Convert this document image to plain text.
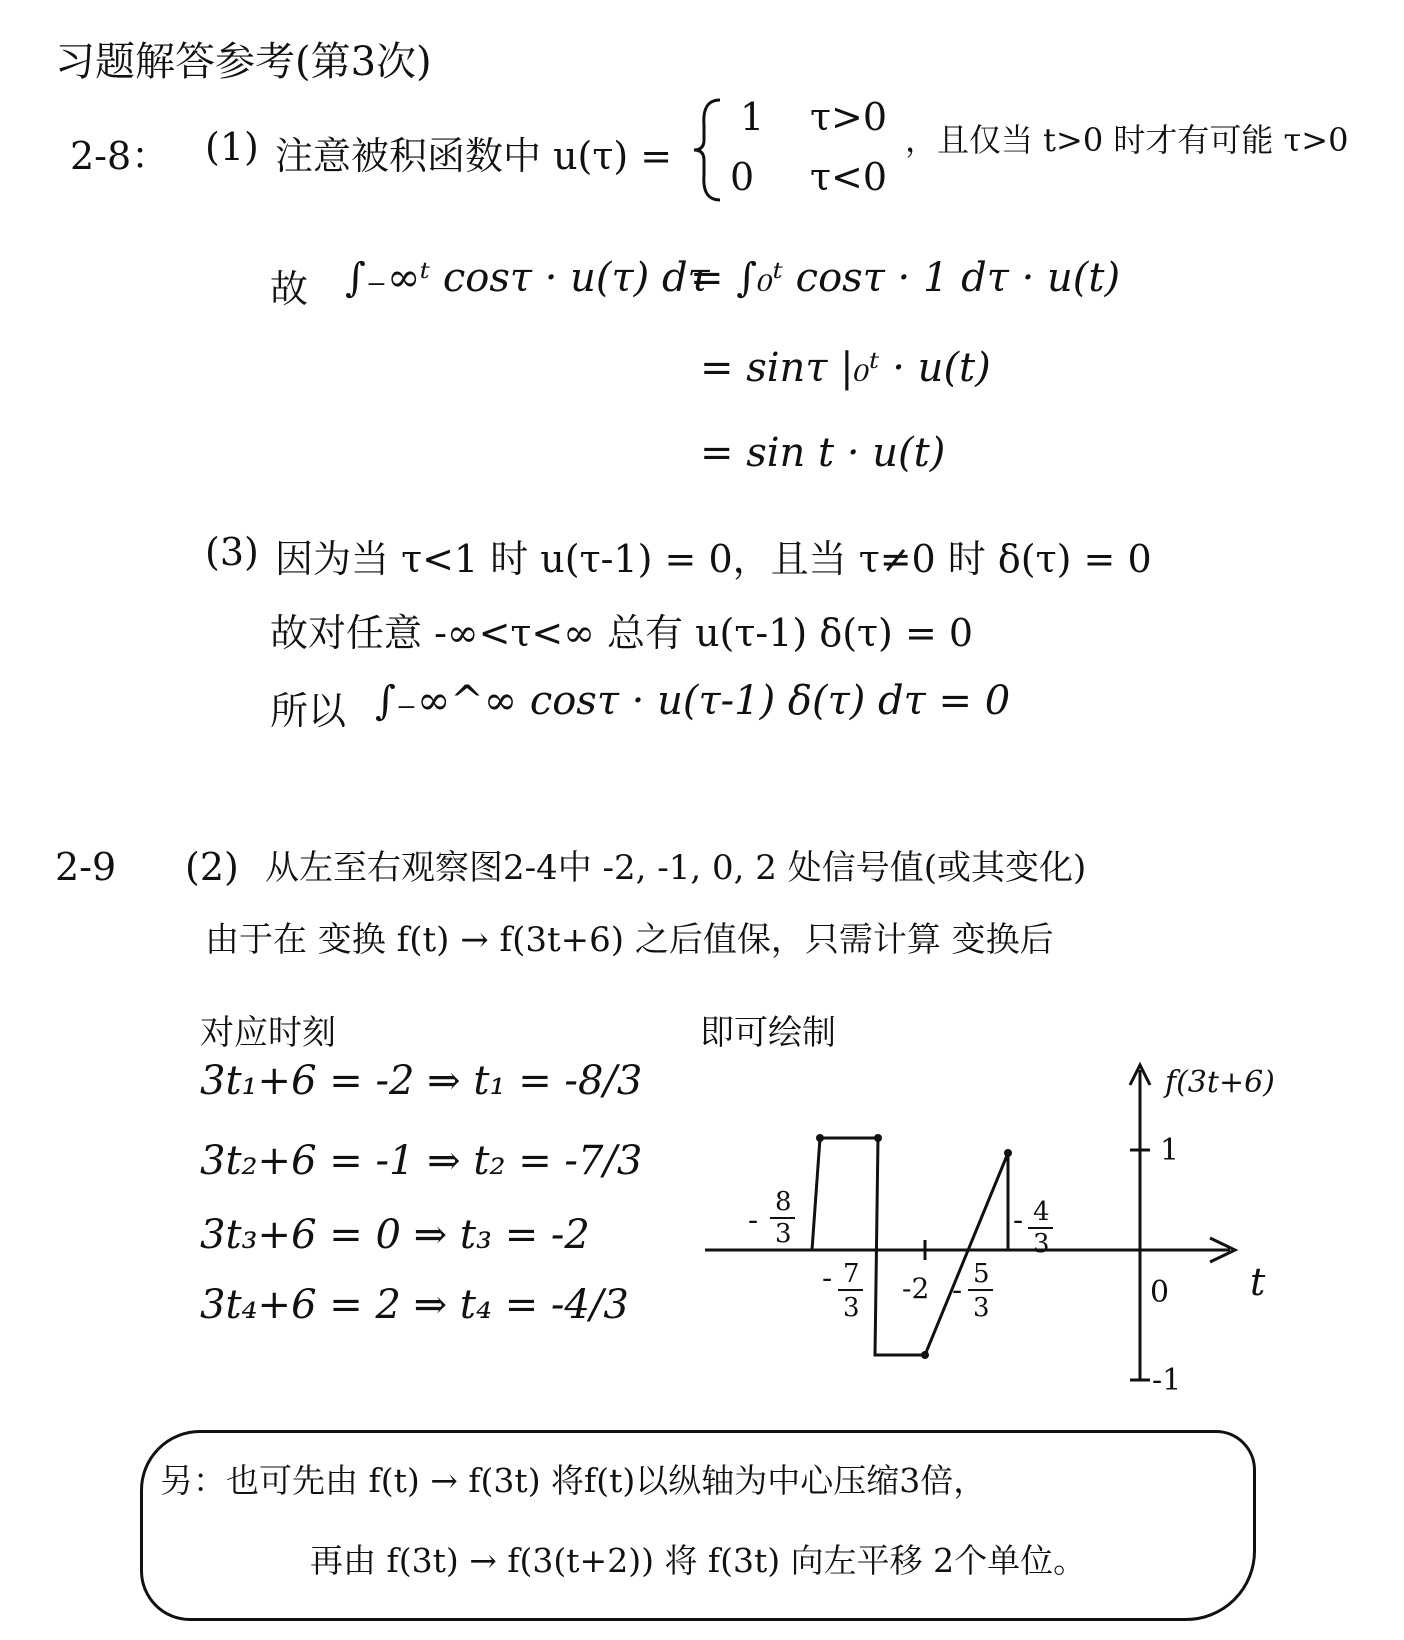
习题解答参考(第3次)
2-8： (1) 注意被积函数中 u(τ) =
1 τ>0
0 τ<0
，且仅当 t>0 时才有可能 τ>0
故 ∫₋∞ᵗ cosτ · u(τ) dτ
= ∫₀ᵗ cosτ · 1 dτ · u(t)
= sinτ |₀ᵗ · u(t)
= sin t · u(t)
(3) 因为当 τ<1 时 u(τ-1) = 0，且当 τ≠0 时 δ(τ) = 0
故对任意 -∞<τ<∞ 总有 u(τ-1) δ(τ) = 0
所以 ∫₋∞^∞ cosτ · u(τ-1) δ(τ) dτ = 0
2-9 (2) 从左至右观察图2-4中 -2, -1, 0, 2 处信号值(或其变化)
由于在 变换 f(t) → f(3t+6) 之后值保，只需计算 变换后
对应时刻	即可绘制
3t₁+6 = -2 ⇒ t₁ = -8/3
3t₂+6 = -1 ⇒ t₂ = -7/3
3t₃+6 = 0 ⇒ t₃ = -2
3t₄+6 = 2 ⇒ t₄ = -4/3
f(3t+6)
t
0
1
-1
-
8
3
- 7
3
-2 - 5
3
- 4
3
另：也可先由 f(t) → f(3t) 将f(t)以纵轴为中心压缩3倍，
再由 f(3t) → f(3(t+2)) 将 f(3t) 向左平移 2个单位。
